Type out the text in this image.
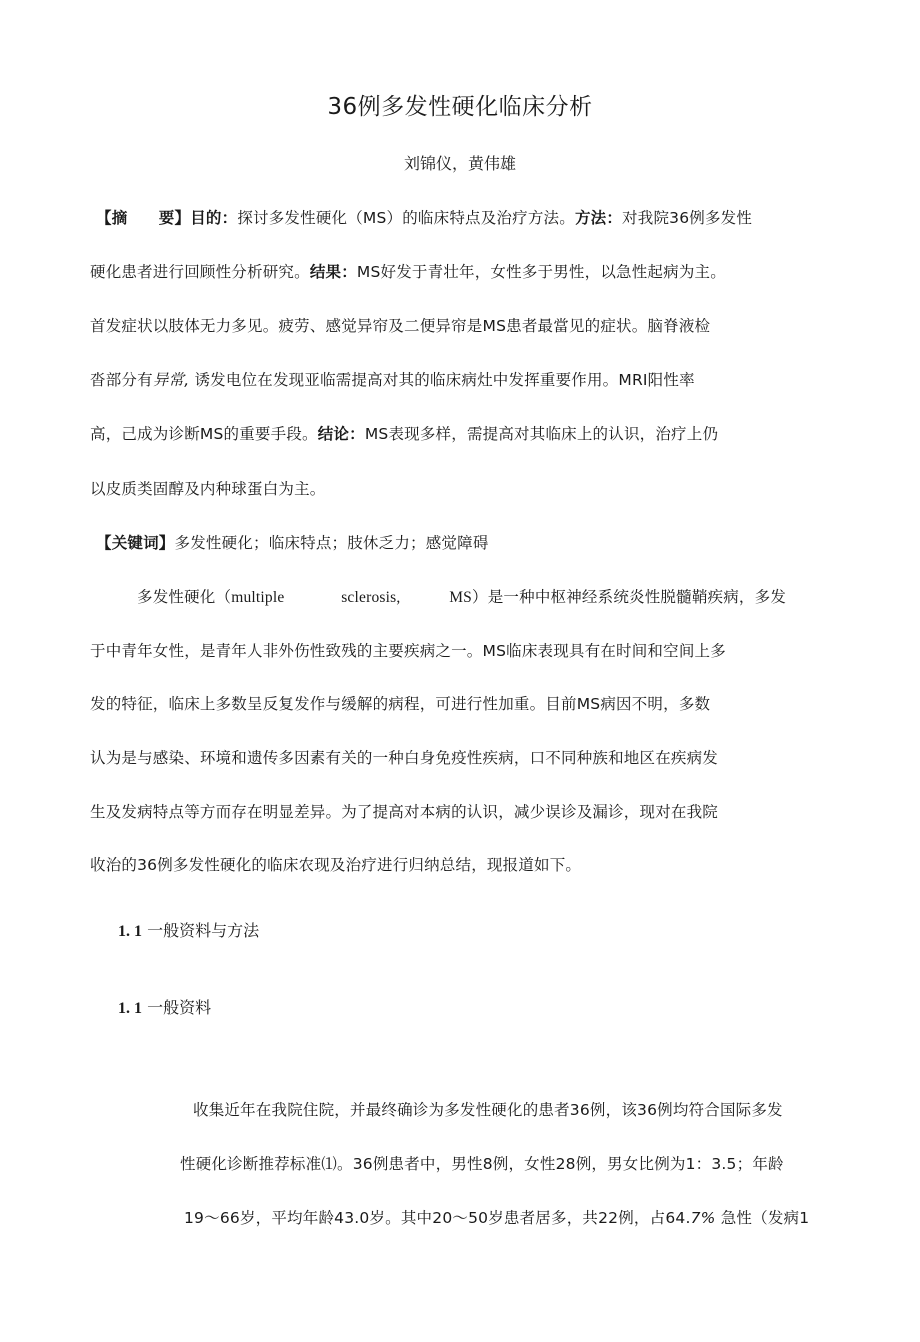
36例多发性硬化临床分析
刘锦仪，黄伟雄
【摘　　要】目的：探讨多发性硬化（MS）的临床特点及治疗方法。方法：对我院36例多发性
硬化患者进行回顾性分析研究。结果：MS好发于青壮年，女性多于男性，以急性起病为主。
首发症状以肢体无力多见。疲劳、感觉异帘及二便异帘是MS患者最當见的症状。脑脊液检
沓部分有异常, 诱发电位在发现亚临需提高对其的临床病灶中发挥重要作用。MRI阳性率
高，己成为诊断MS的重要手段。结论：MS表现多样，需提高对其临床上的认识，治疗上仍
以皮质类固醇及内种球蛋白为主。
【关键词】多发性硬化；临床特点；肢休乏力；感觉障碍
多发性硬化（multiple	sclerosis,	MS）是一种中枢神经系统炎性脱髓鞘疾病，多发
于中青年女性，是青年人非外伤性致残的主要疾病之一。MS临床表现具有在时间和空间上多
发的特征，临床上多数呈反复发作与缓解的病程，可进行性加重。目前MS病因不明，多数
认为是与感染、环境和遗传多因素有关的一种白身免疫性疾病，口不同种族和地区在疾病发
生及发病特点等方而存在明显差异。为了提高对本病的认识，减少误诊及漏诊，现对在我院
收治的36例多发性硬化的临床农现及治疗进行归纳总结，现报道如下。
1. 1 一般资料与方法
1. 1 一般资料
收集近年在我院住院，并最终确诊为多发性硬化的患者36例，该36例均符合国际多发
性硬化诊断推荐标准⑴。36例患者中，男性8例，女性28例，男女比例为1：3.5；年龄
19～66岁，平均年龄43.0岁。其中20～50岁患者居多，共22例，占64.7% 急性（发病1
